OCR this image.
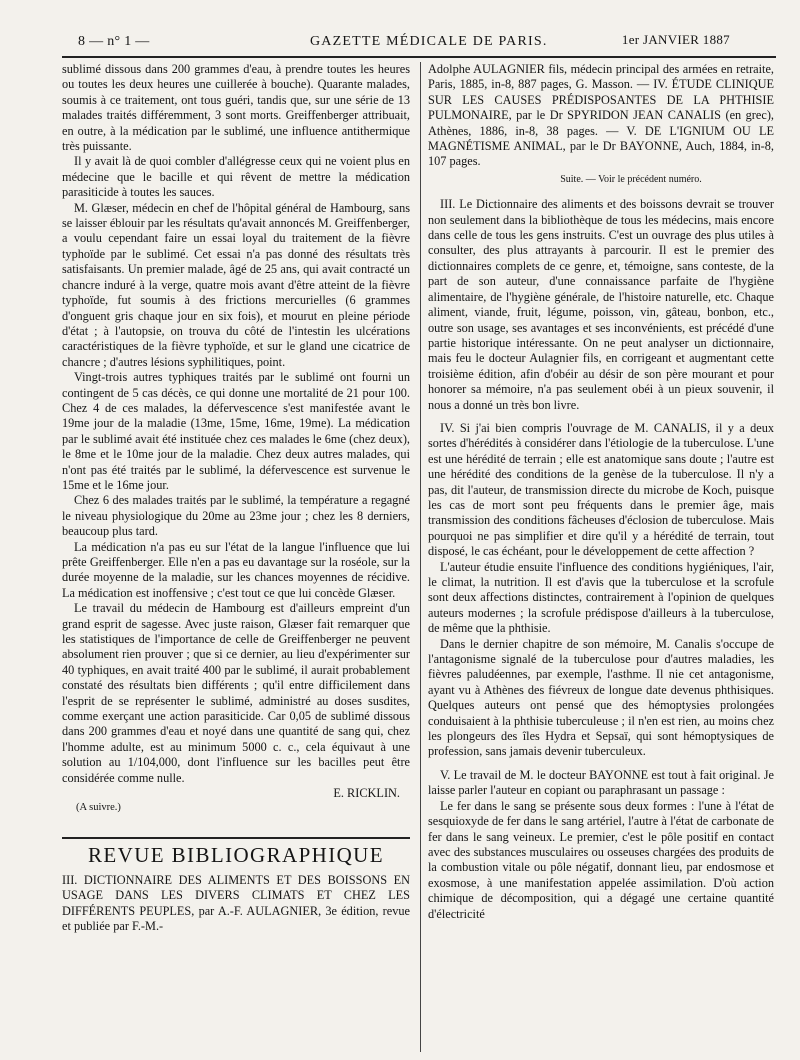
8 — n° 1 —	GAZETTE MÉDICALE DE PARIS.	1er JANVIER 1887

sublimé dissous dans 200 grammes d'eau, à prendre toutes les heures ou toutes les deux heures une cuillerée à bouche). Quarante malades, soumis à ce traitement, ont tous guéri, tandis que, sur une série de 13 malades traités différemment, 3 sont morts. Greiffenberger attribuait, en outre, à la médication par le sublimé, une influence antithermique très puissante.

Il y avait là de quoi combler d'allégresse ceux qui ne voient plus en médecine que le bacille et qui rêvent de mettre la médication parasiticide à toutes les sauces.

M. Glæser, médecin en chef de l'hôpital général de Hambourg, sans se laisser éblouir par les résultats qu'avait annoncés M. Greiffenberger, a voulu cependant faire un essai loyal du traitement de la fièvre typhoïde par le sublimé. Cet essai n'a pas donné des résultats très satisfaisants. Un premier malade, âgé de 25 ans, qui avait contracté un chancre induré à la verge, quatre mois avant d'être atteint de la fièvre typhoïde, fut soumis à des frictions mercurielles (6 grammes d'onguent gris chaque jour en six fois), et mourut en pleine période d'état ; à l'autopsie, on trouva du côté de l'intestin les ulcérations caractéristiques de la fièvre typhoïde, et sur le gland une cicatrice de chancre ; d'autres lésions syphilitiques, point.

Vingt-trois autres typhiques traités par le sublimé ont fourni un contingent de 5 cas décès, ce qui donne une mortalité de 21 pour 100. Chez 4 de ces malades, la défervescence s'est manifestée avant le 19me jour de la maladie (13me, 15me, 16me, 19me). La médication par le sublimé avait été instituée chez ces malades le 6me (chez deux), le 8me et le 10me jour de la maladie. Chez deux autres malades, qui n'ont pas été traités par le sublimé, la défervescence est survenue le 15me et le 16me jour.

Chez 6 des malades traités par le sublimé, la température a regagné le niveau physiologique du 20me au 23me jour ; chez les 8 derniers, beaucoup plus tard.

La médication n'a pas eu sur l'état de la langue l'influence que lui prête Greiffenberger. Elle n'en a pas eu davantage sur la roséole, sur la durée moyenne de la maladie, sur les chances moyennes de récidive. La médication est inoffensive ; c'est tout ce que lui concède Glæser.

Le travail du médecin de Hambourg est d'ailleurs empreint d'un grand esprit de sagesse. Avec juste raison, Glæser fait remarquer que les statistiques de l'importance de celle de Greiffenberger ne peuvent absolument rien prouver ; que si ce dernier, au lieu d'expérimenter sur 40 typhiques, en avait traité 400 par le sublimé, il aurait probablement constaté des résultats bien différents ; qu'il entre difficilement dans l'esprit de se représenter le sublimé, administré au doses susdites, comme exerçant une action parasiticide. Car 0,05 de sublimé dissous dans 200 grammes d'eau et noyé dans une quantité de sang qui, chez l'homme adulte, est au minimum 5000 c. c., cela équivaut à une solution au 1/104,000, dont l'influence sur les bacilles peut être considérée comme nulle.

E. RICKLIN.
(A suivre.)
REVUE BIBLIOGRAPHIQUE

III. DICTIONNAIRE DES ALIMENTS ET DES BOISSONS EN USAGE DANS LES DIVERS CLIMATS ET CHEZ LES DIFFÉRENTS PEUPLES, par A.-F. AULAGNIER, 3e édition, revue et publiée par F.-M.-

Adolphe AULAGNIER fils, médecin principal des armées en retraite, Paris, 1885, in-8, 887 pages, G. Masson. — IV. ÉTUDE CLINIQUE SUR LES CAUSES PRÉDISPOSANTES DE LA PHTHISIE PULMONAIRE, par le Dr SPYRIDON JEAN CANALIS (en grec), Athènes, 1886, in-8, 38 pages. — V. DE L'IGNIUM OU LE MAGNÉTISME ANIMAL, par le Dr BAYONNE, Auch, 1884, in-8, 107 pages.

Suite. — Voir le précédent numéro.

III. Le Dictionnaire des aliments et des boissons devrait se trouver non seulement dans la bibliothèque de tous les médecins, mais encore dans celle de tous les gens instruits. C'est un ouvrage des plus utiles à consulter, des plus attrayants à parcourir. Il est le premier des dictionnaires complets de ce genre, et, témoigne, sans conteste, de la part de son auteur, d'une connaissance parfaite de l'hygiène alimentaire, de l'hygiène générale, de l'histoire naturelle, etc. Chaque aliment, viande, fruit, légume, poisson, vin, gâteau, bonbon, etc., outre son usage, ses avantages et ses inconvénients, est précédé d'une partie historique intéressante. On ne peut analyser un dictionnaire, mais feu le docteur Aulagnier fils, en corrigeant et augmentant cette troisième édition, afin d'obéir au désir de son père mourant et pour honorer sa mémoire, n'a pas seulement obéi à un pieux souvenir, il nous a donné un très bon livre.

IV. Si j'ai bien compris l'ouvrage de M. CANALIS, il y a deux sortes d'hérédités à considérer dans l'étiologie de la tuberculose. L'une est une hérédité de terrain ; elle est anatomique sans doute ; l'autre est une hérédité des conditions de la genèse de la tuberculose. Il n'y a pas, dit l'auteur, de transmission directe du microbe de Koch, puisque les cas de mort sont peu fréquents dans le premier âge, mais transmission des conditions fâcheuses d'éclosion de tuberculose. Mais pourquoi ne pas simplifier et dire qu'il y a hérédité de terrain, tout disposé, le cas échéant, pour le développement de cette affection ?

L'auteur étudie ensuite l'influence des conditions hygiéniques, l'air, le climat, la nutrition. Il est d'avis que la tuberculose et la scrofule sont deux affections distinctes, contrairement à l'opinion de quelques auteurs modernes ; la scrofule prédispose d'ailleurs à la tuberculose, de même que la phthisie.

Dans le dernier chapitre de son mémoire, M. Canalis s'occupe de l'antagonisme signalé de la tuberculose pour d'autres maladies, les fièvres paludéennes, par exemple, l'asthme. Il nie cet antagonisme, ayant vu à Athènes des fiévreux de longue date devenus phthisiques. Quelques auteurs ont pensé que des hémoptysies prolongées conduisaient à la phthisie tuberculeuse ; il n'en est rien, au moins chez les plongeurs des îles Hydra et Sepsaï, qui sont hémoptysiques de profession, sans jamais devenir tuberculeux.

V. Le travail de M. le docteur BAYONNE est tout à fait original. Je laisse parler l'auteur en copiant ou paraphrasant un passage :

Le fer dans le sang se présente sous deux formes : l'une à l'état de sesquioxyde de fer dans le sang artériel, l'autre à l'état de carbonate de fer dans le sang veineux. Le premier, c'est le pôle positif en contact avec des substances musculaires ou osseuses chargées des produits de la combustion vitale ou pôle négatif, donnant lieu, par endosmose et exosmose, à une manifestation appelée assimilation. D'où action chimique de décomposition, qui a dégagé une certaine quantité d'électricité
